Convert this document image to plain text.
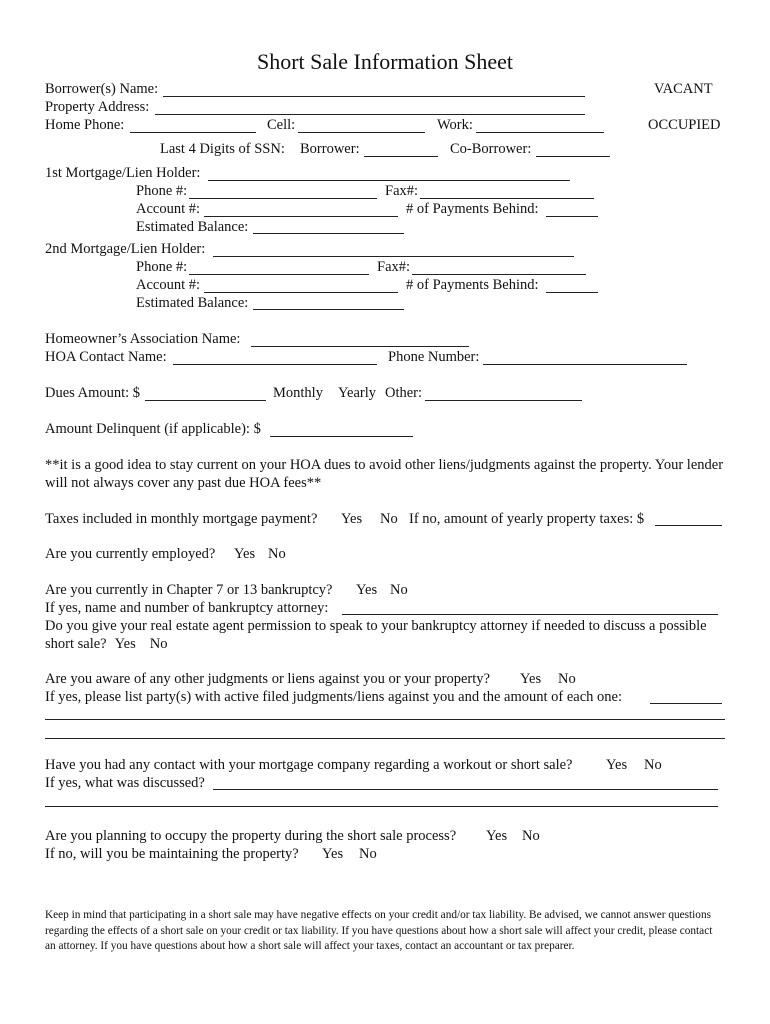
Short Sale Information Sheet
Borrower(s) Name:	VACANT
Property Address:
Home Phone:	Cell:	Work:	OCCUPIED
Last 4 Digits of SSN: Borrower:	Co-Borrower:
1st Mortgage/Lien Holder:
Phone #:	Fax#:
Account #:	# of Payments Behind:
Estimated Balance:
2nd Mortgage/Lien Holder:
Phone #:	Fax#:
Account #:	# of Payments Behind:
Estimated Balance:
Homeowner’s Association Name:
HOA Contact Name:	Phone Number:
Dues Amount: $	Monthly Yearly Other:
Amount Delinquent (if applicable): $
**it is a good idea to stay current on your HOA dues to avoid other liens/judgments against the property. Your lender will not always cover any past due HOA fees**
Taxes included in monthly mortgage payment? Yes No If no, amount of yearly property taxes: $
Are you currently employed? Yes No
Are you currently in Chapter 7 or 13 bankruptcy? Yes No
If yes, name and number of bankruptcy attorney:
Do you give your real estate agent permission to speak to your bankruptcy attorney if needed to discuss a possible short sale? Yes No
Are you aware of any other judgments or liens against you or your property? Yes No
If yes, please list party(s) with active filed judgments/liens against you and the amount of each one:
Have you had any contact with your mortgage company regarding a workout or short sale? Yes No
If yes, what was discussed?
Are you planning to occupy the property during the short sale process? Yes No
If no, will you be maintaining the property? Yes No
Keep in mind that participating in a short sale may have negative effects on your credit and/or tax liability. Be advised, we cannot answer questions regarding the effects of a short sale on your credit or tax liability. If you have questions about how a short sale will affect your credit, please contact an attorney. If you have questions about how a short sale will affect your taxes, contact an accountant or tax preparer.
